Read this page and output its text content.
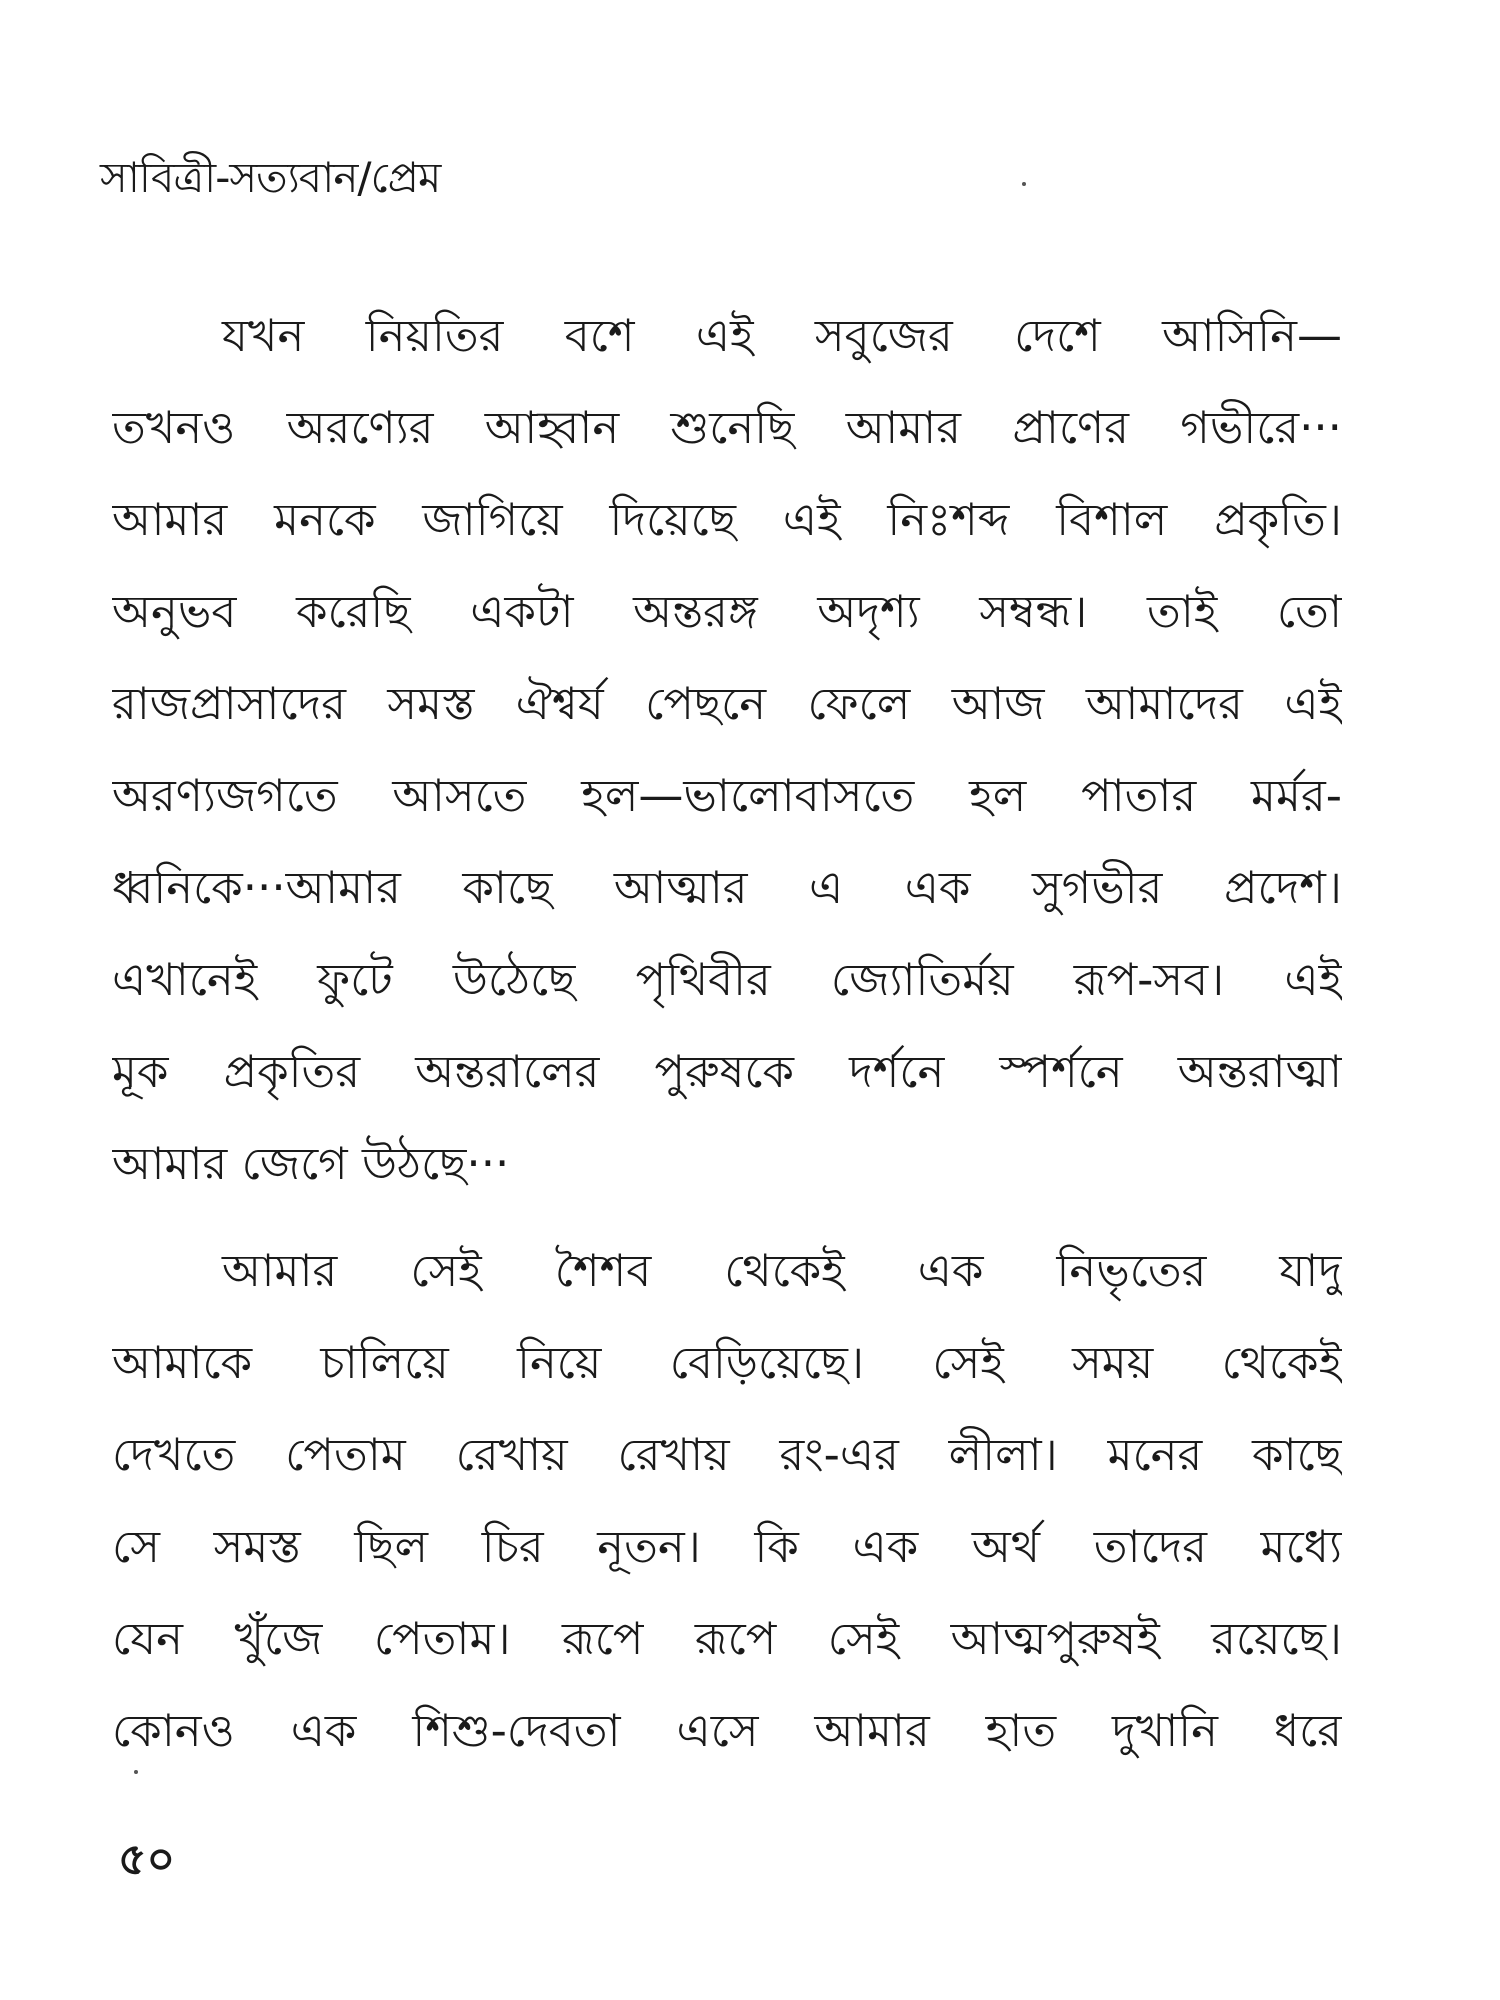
সাবিত্রী-সত্যবান/প্রেম
যখন নিয়তির বশে এই সবুজের দেশে আসিনি—
তখনও অরণ্যের আহ্বান শুনেছি আমার প্রাণের গভীরে···
আমার মনকে জাগিয়ে দিয়েছে এই নিঃশব্দ বিশাল প্রকৃতি।
অনুভব করেছি একটা অন্তরঙ্গ অদৃশ্য সম্বন্ধ। তাই তো
রাজপ্রাসাদের সমস্ত ঐশ্বর্য পেছনে ফেলে আজ আমাদের এই
অরণ্যজগতে আসতে হল—ভালোবাসতে হল পাতার মর্মর-
ধ্বনিকে···আমার কাছে আত্মার এ এক সুগভীর প্রদেশ।
এখানেই ফুটে উঠেছে পৃথিবীর জ্যোতির্ময় রূপ-সব। এই
মূক প্রকৃতির অন্তরালের পুরুষকে দর্শনে স্পর্শনে অন্তরাত্মা
আমার জেগে উঠছে···
আমার সেই শৈশব থেকেই এক নিভৃতের যাদু
আমাকে চালিয়ে নিয়ে বেড়িয়েছে। সেই সময় থেকেই
দেখতে পেতাম রেখায় রেখায় রং-এর লীলা। মনের কাছে
সে সমস্ত ছিল চির নূতন। কি এক অর্থ তাদের মধ্যে
যেন খুঁজে পেতাম। রূপে রূপে সেই আত্মপুরুষই রয়েছে।
কোনও এক শিশু-দেবতা এসে আমার হাত দুখানি ধরে
৫০
